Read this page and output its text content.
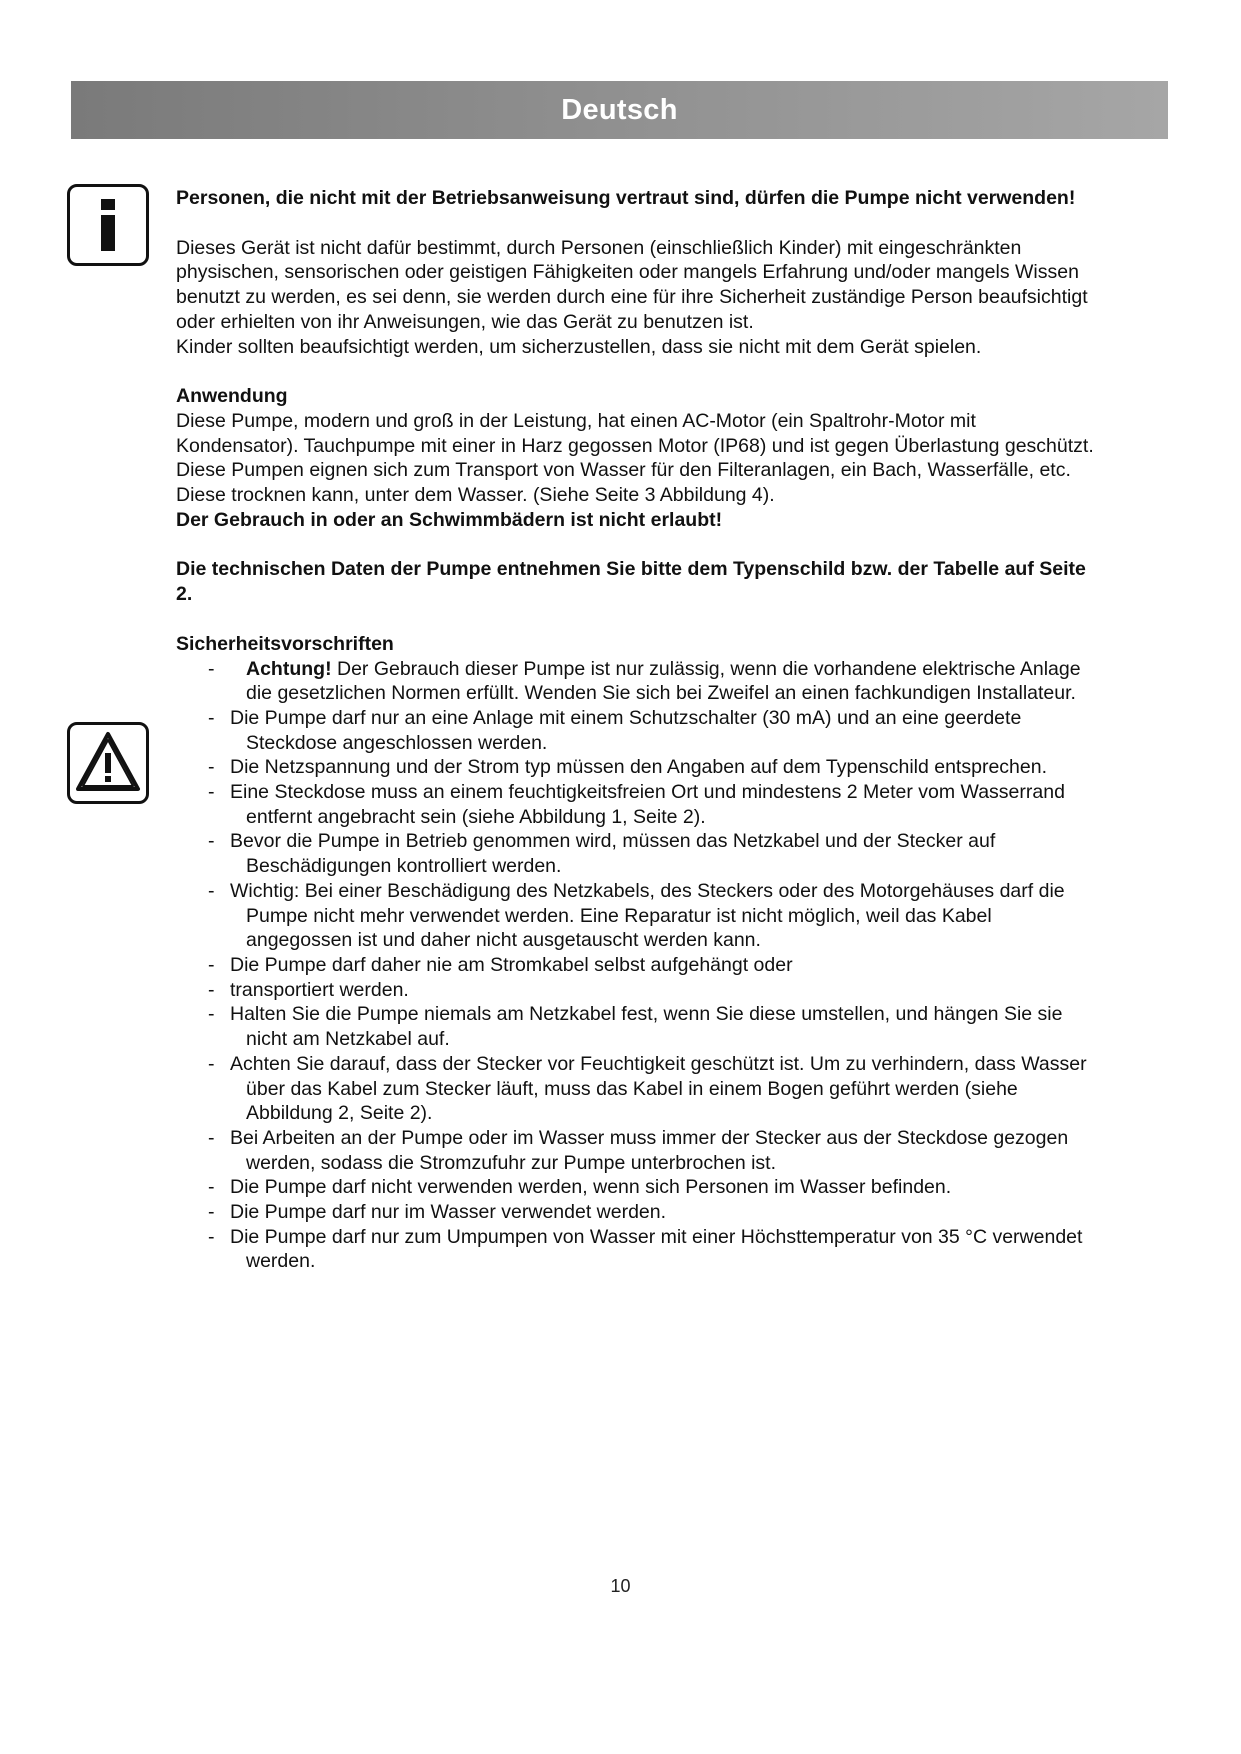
Deutsch

Personen, die nicht mit der Betriebsanweisung vertraut sind, dürfen die Pumpe nicht verwenden!

Dieses Gerät ist nicht dafür bestimmt, durch Personen (einschließlich Kinder) mit eingeschränkten physischen, sensorischen oder geistigen Fähigkeiten oder mangels Erfahrung und/oder mangels Wissen benutzt zu werden, es sei denn, sie werden durch eine für ihre Sicherheit zuständige Person beaufsichtigt oder erhielten von ihr Anweisungen, wie das Gerät zu benutzen ist.

Kinder sollten beaufsichtigt werden, um sicherzustellen, dass sie nicht mit dem Gerät spielen.

Anwendung

Diese Pumpe, modern und groß in der Leistung, hat einen AC-Motor (ein Spaltrohr-Motor mit Kondensator). Tauchpumpe mit einer in Harz gegossen Motor (IP68) und ist gegen Überlastung geschützt.

Diese Pumpen eignen sich zum Transport von Wasser für den Filteranlagen, ein Bach, Wasserfälle, etc. Diese trocknen kann, unter dem Wasser. (Siehe Seite 3 Abbildung 4).

Der Gebrauch in oder an Schwimmbädern ist nicht erlaubt!

Die technischen Daten der Pumpe entnehmen Sie bitte dem Typenschild bzw. der Tabelle auf Seite 2.

Sicherheitsvorschriften

- Achtung! Der Gebrauch dieser Pumpe ist nur zulässig, wenn die vorhandene elektrische Anlage die gesetzlichen Normen erfüllt. Wenden Sie sich bei Zweifel an einen fachkundigen Installateur.
- Die Pumpe darf nur an eine Anlage mit einem Schutzschalter (30 mA) und an eine geerdete Steckdose angeschlossen werden.
- Die Netzspannung und der Strom typ müssen den Angaben auf dem Typenschild entsprechen.
- Eine Steckdose muss an einem feuchtigkeitsfreien Ort und mindestens 2 Meter vom Wasserrand entfernt angebracht sein (siehe Abbildung 1, Seite 2).
- Bevor die Pumpe in Betrieb genommen wird, müssen das Netzkabel und der Stecker auf Beschädigungen kontrolliert werden.
- Wichtig: Bei einer Beschädigung des Netzkabels, des Steckers oder des Motorgehäuses darf die Pumpe nicht mehr verwendet werden. Eine Reparatur ist nicht möglich, weil das Kabel angegossen ist und daher nicht ausgetauscht werden kann.
- Die Pumpe darf daher nie am Stromkabel selbst aufgehängt oder
- transportiert werden.
- Halten Sie die Pumpe niemals am Netzkabel fest, wenn Sie diese umstellen, und hängen Sie sie nicht am Netzkabel auf.
- Achten Sie darauf, dass der Stecker vor Feuchtigkeit geschützt ist. Um zu verhindern, dass Wasser über das Kabel zum Stecker läuft, muss das Kabel in einem Bogen geführt werden (siehe Abbildung 2, Seite 2).
- Bei Arbeiten an der Pumpe oder im Wasser muss immer der Stecker aus der Steckdose gezogen werden, sodass die Stromzufuhr zur Pumpe unterbrochen ist.
- Die Pumpe darf nicht verwenden werden, wenn sich Personen im Wasser befinden.
- Die Pumpe darf nur im Wasser verwendet werden.
- Die Pumpe darf nur zum Umpumpen von Wasser mit einer Höchsttemperatur von 35 °C verwendet werden.
10
